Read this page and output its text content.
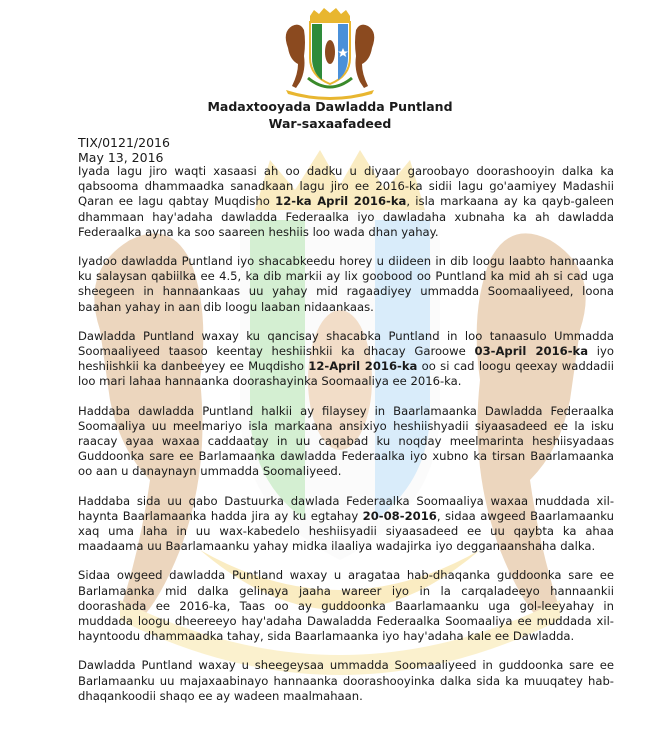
Madaxtooyada Dawladda Puntland
War-saxaafadeed
TIX/0121/2016
May 13, 2016

Iyada lagu jiro waqti xasaasi ah oo dadku u diyaar garoobayo doorashooyin dalka ka qabsooma dhammaadka sanadkaan lagu jiro ee 2016-ka sidii lagu go'aamiyey Madashii Qaran ee lagu qabtay Muqdisho 12-ka April 2016-ka, isla markaana ay ka qayb-galeen dhammaan hay'adaha dawladda Federaalka iyo dawladaha xubnaha ka ah dawladda Federaalka ayna ka soo saareen heshiis loo wada dhan yahay.

Iyadoo dawladda Puntland iyo shacabkeedu horey u diideen in dib loogu laabto hannaanka ku salaysan qabiilka ee 4.5, ka dib markii ay lix goobood oo Puntland ka mid ah si cad uga sheegeen in hannaankaas uu yahay mid ragaadiyey ummadda Soomaaliyeed, loona baahan yahay in aan dib loogu laaban nidaankaas.

Dawladda Puntland waxay ku qancisay shacabka Puntland in loo tanaasulo Ummadda Soomaaliyeed taasoo keentay heshiishkii ka dhacay Garoowe 03-April 2016-ka iyo heshiishkii ka danbeeyey ee Muqdisho 12-April 2016-ka oo si cad loogu qeexay waddadii loo mari lahaa hannaanka doorashayinka Soomaaliya ee 2016-ka.

Haddaba dawladda Puntland halkii ay filaysey in Baarlamaanka Dawladda Federaalka Soomaaliya uu meelmariyo isla markaana ansixiyo heshiishyadii siyaasadeed ee la isku raacay ayaa waxaa caddaatay in uu caqabad ku noqday meelmarinta heshiisyadaas Guddoonka sare ee Barlamaanka dawladda Federaalka iyo xubno ka tirsan Baarlamaanka oo aan u danaynayn ummadda Soomaliyeed.

Haddaba sida uu qabo Dastuurka dawlada Federaalka Soomaaliya waxaa muddada xil-haynta Baarlamaanka hadda jira ay ku egtahay 20-08-2016, sidaa awgeed Baarlamaanku xaq uma laha in uu wax-kabedelo heshiisyadii siyaasadeed ee uu qaybta ka ahaa maadaama uu Baarlamaanku yahay midka ilaaliya wadajirka iyo degganaanshaha dalka.

Sidaa owgeed dawladda Puntland waxay u aragataa hab-dhaqanka guddoonka sare ee Barlamaanka mid dalka gelinaya jaaha wareer iyo in la carqaladeeyo hannaankii doorashada ee 2016-ka, Taas oo ay guddoonka Baarlamaanku uga gol-leeyahay in muddada loogu dheereeyo hay'adaha Dawaladda Federaalka Soomaaliya ee muddada xil-hayntoodu dhammaadka tahay, sida Baarlamaanka iyo hay'adaha kale ee Dawladda.

Dawladda Puntland waxay u sheegeysaa ummadda Soomaaliyeed in guddoonka sare ee Barlamaanku uu majaxaabinayo hannaanka doorashooyinka dalka sida ka muuqatey hab-dhaqankoodii shaqo ee ay wadeen maalmahaan.
